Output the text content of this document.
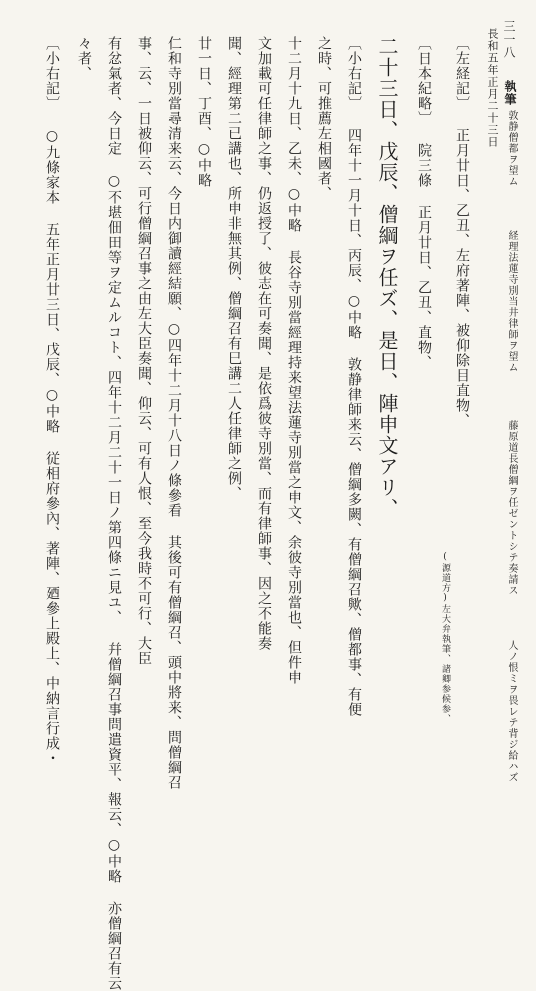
三一八
長和五年正月二十三日
〔左経記〕 正月廿日、乙丑、左府著陣、被仰除目直物、
(源道方)左大弁執筆、諸卿参候参、
〔日本紀略〕 院三條 正月廿日、乙丑、直物、
二十三日、戊辰、僧綱ヲ任ズ、是日、陣申文アリ、
〔小右記〕 四年十一月十日、丙辰、○中略 敦静律師来云、僧綱多闕、有僧綱召歟、僧都事、有便
之時、可推薦左相國者、
十二月十九日、乙未、○中略 長谷寺別當經理持来望法蓮寺別當之申文、余彼寺別當也、但件申
文加載可任律師之事、仍返授了、彼志在可奏聞、是依爲彼寺別當、而有律師事、因之不能奏
聞、經理第二已講也、所申非無其例、僧綱召有巳講二人任律師之例、
廿一日、丁酉、○中略
仁和寺別當尋清来云、今日内御讀經結願、○四年十二月十八日ノ條參看 其後可有僧綱召、頭中將来、問僧綱召
事、云、一日被仰云、可行僧綱召事之由左大臣奏聞、仰云、可有人恨、至今我時不可行、大臣
有忿氣者、今日定 ○不堪佃田等ヲ定ムルコト、四年十二月二十一日ノ第四條ニ見ユ、 幷僧綱召事問遣資平、報云、○中略 亦僧綱召有云
々者、
〔小右記〕 ○九條家本 五年正月廿三日、戊辰、○中略 従相府參內、著陣、廼參上殿上、中納言行成・	執筆
敦静僧都ヲ望ム
経理法蓮寺別当井律師ヲ望ム
藤原道長僧綱ヲ任ゼントシテ奏請ス
人ノ恨ミヲ畏レテ背ジ給ハズ
